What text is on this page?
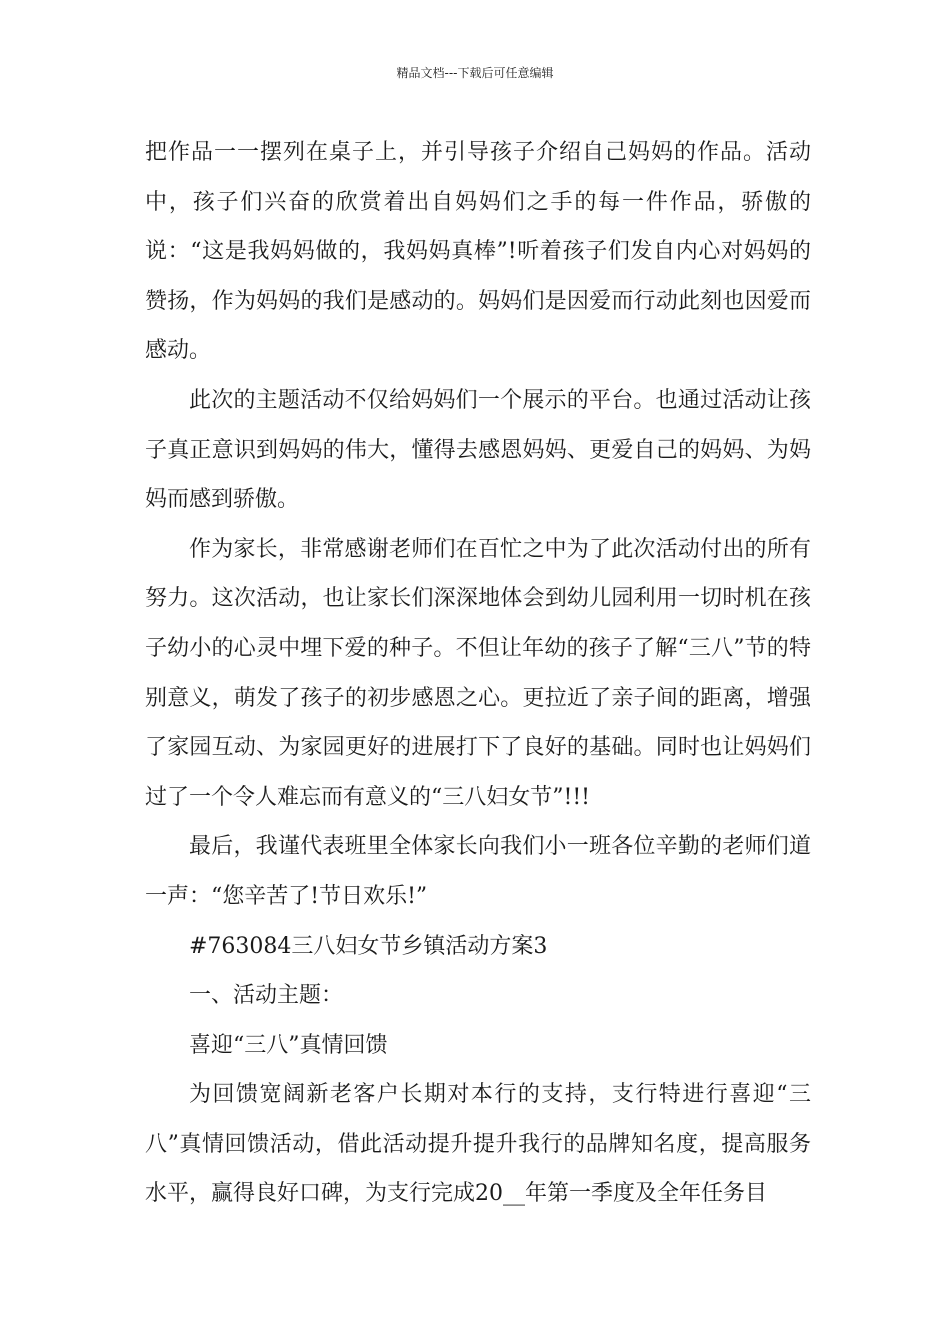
精品文档---下载后可任意编辑

把作品一一摆列在桌子上，并引导孩子介绍自己妈妈的作品。活动中，孩子们兴奋的欣赏着出自妈妈们之手的每一件作品，骄傲的说：“这是我妈妈做的，我妈妈真棒”!听着孩子们发自内心对妈妈的赞扬，作为妈妈的我们是感动的。妈妈们是因爱而行动此刻也因爱而感动。

此次的主题活动不仅给妈妈们一个展示的平台。也通过活动让孩子真正意识到妈妈的伟大，懂得去感恩妈妈、更爱自己的妈妈、为妈妈而感到骄傲。

作为家长，非常感谢老师们在百忙之中为了此次活动付出的所有努力。这次活动，也让家长们深深地体会到幼儿园利用一切时机在孩子幼小的心灵中埋下爱的种子。不但让年幼的孩子了解“三八”节的特别意义，萌发了孩子的初步感恩之心。更拉近了亲子间的距离，增强了家园互动、为家园更好的进展打下了良好的基础。同时也让妈妈们过了一个令人难忘而有意义的“三八妇女节”!!!

最后，我谨代表班里全体家长向我们小一班各位辛勤的老师们道一声：“您辛苦了!节日欢乐!”

#763084三八妇女节乡镇活动方案3

一、活动主题：

喜迎“三八”真情回馈

为回馈宽阔新老客户长期对本行的支持，支行特进行喜迎“三八”真情回馈活动，借此活动提升提升我行的品牌知名度，提高服务水平，赢得良好口碑，为支行完成20__年第一季度及全年任务目
